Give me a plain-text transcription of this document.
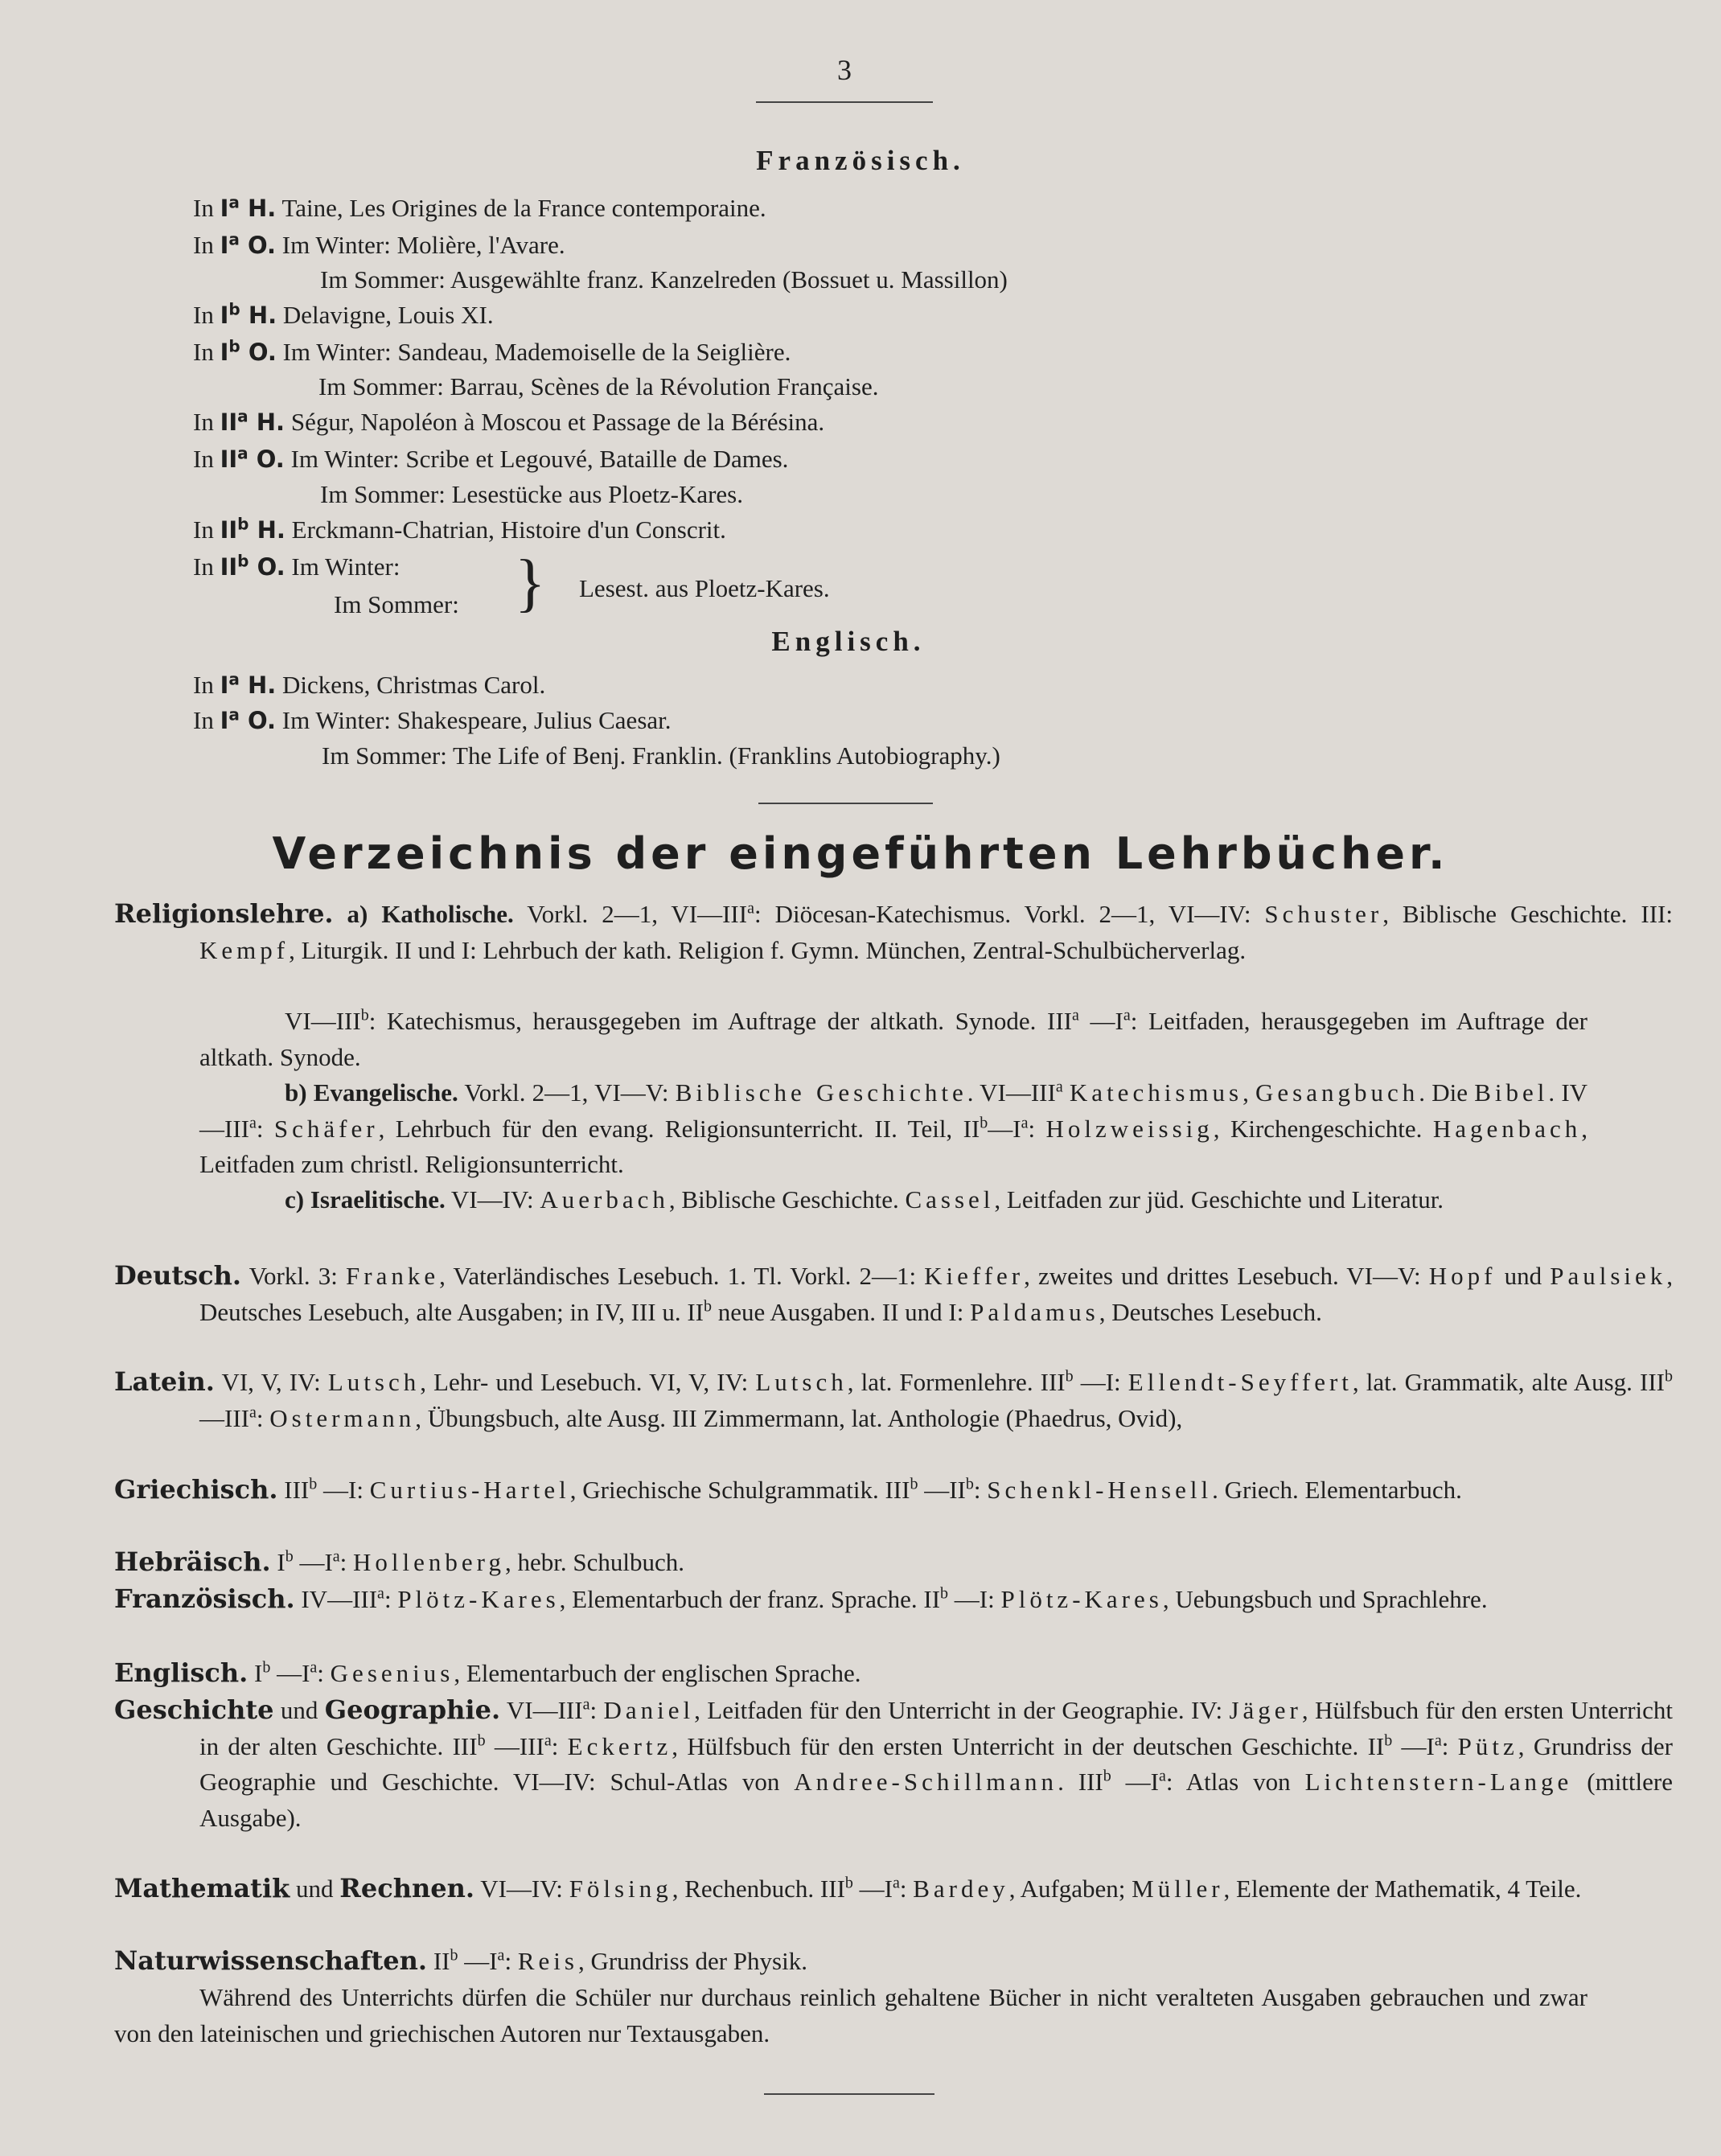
3
Französisch.
In $I^a$ H. Taine, Les Origines de la France contemporaine.
In $I^a$ O. Im Winter: Molière, l'Avare.
Im Sommer: Ausgewählte franz. Kanzelreden (Bossuet u. Massillon)
In $I^b$ H. Delavigne, Louis XI.
In $I^b$ O. Im Winter: Sandeau, Mademoiselle de la Seiglière.
Im Sommer: Barrau, Scènes de la Révolution Française.
In $II^a$ H. Ségur, Napoléon à Moscou et Passage de la Bérésina.
In $II^a$ O. Im Winter: Scribe et Legouvé, Bataille de Dames.
Im Sommer: Lesestücke aus Ploetz-Kares.
In $II^b$ H. Erckmann-Chatrian, Histoire d'un Conscrit.
In $II^b$ O. Im Winter:
Im Sommer: } Lesest. aus Ploetz-Kares.
Englisch.
In $I^a$ H. Dickens, Christmas Carol.
In $I^a$ O. Im Winter: Shakespeare, Julius Caesar.
Im Sommer: The Life of Benj. Franklin. (Franklins Autobiography.)
Verzeichnis der eingeführten Lehrbücher.
Religionslehre. a) Katholische. Vorkl. 2—1, VI—III$^a$: Diöcesan-Katechismus. Vorkl. 2—1, VI—IV: Schuster, Biblische Geschichte. III: Kempf, Liturgik. II und I: Lehrbuch der kath. Religion f. Gymn. München, Zentral-Schulbücherverlag.
VI—III$^b$: Katechismus, herausgegeben im Auftrage der altkath. Synode. III$^a$ $—I^a$: Leitfaden, herausgegeben im Auftrage der altkath. Synode.
b) Evangelische. Vorkl. 2—1, VI—V: Biblische Geschichte. VI—III$^a$ Katechismus, Gesangbuch. Die Bibel. IV—III$^a$: Schäfer, Lehrbuch für den evang. Religionsunterricht. II. Teil, $II^b—I^a$: Holzweissig, Kirchengeschichte. Hagenbach, Leitfaden zum christl. Religionsunterricht.
c) Israelitische. VI—IV: Auerbach, Biblische Geschichte. Cassel, Leitfaden zur jüd. Geschichte und Literatur.
Deutsch. Vorkl. 3: Franke, Vaterländisches Lesebuch. 1. Tl. Vorkl. 2—1: Kieffer, zweites und drittes Lesebuch. VI—V: Hopf und Paulsiek, Deutsches Lesebuch, alte Ausgaben; in IV, III u. $II^b$ neue Ausgaben. II und I: Paldamus, Deutsches Lesebuch.
Latein. VI, V, IV: Lutsch, Lehr- und Lesebuch. VI, V, IV: Lutsch, lat. Formenlehre. III$^b$ —I: Ellendt-Seyffert, lat. Grammatik, alte Ausg. III$^b$ —III$^a$: Ostermann, Übungsbuch, alte Ausg. III Zimmermann, lat. Anthologie (Phaedrus, Ovid),
Griechisch. III$^b$ —I: Curtius-Hartel, Griechische Schulgrammatik. III$^b$ $—II^b$: Schenkl-Hensell. Griech. Elementarbuch.
Hebräisch. $I^b$ $—I^a$: Hollenberg, hebr. Schulbuch.
Französisch. IV—III$^a$: Plötz-Kares, Elementarbuch der franz. Sprache. $II^b$ —I: Plötz-Kares, Uebungsbuch und Sprachlehre.
Englisch. $I^b$ $—I^a$: Gesenius, Elementarbuch der englischen Sprache.
Geschichte und Geographie. VI—III$^a$: Daniel, Leitfaden für den Unterricht in der Geographie. IV: Jäger, Hülfsbuch für den ersten Unterricht in der alten Geschichte. III$^b$ —III$^a$: Eckertz, Hülfsbuch für den ersten Unterricht in der deutschen Geschichte. $II^b$ $—I^a$: Pütz, Grundriss der Geographie und Geschichte. VI—IV: Schul-Atlas von Andree-Schillmann. III$^b$ $—I^a$: Atlas von Lichtenstern-Lange (mittlere Ausgabe).
Mathematik und Rechnen. VI—IV: Fölsing, Rechenbuch. III$^b$ $—I^a$: Bardey, Aufgaben; Müller, Elemente der Mathematik, 4 Teile.
Naturwissenschaften. $II^b$ $—I^a$: Reis, Grundriss der Physik.
Während des Unterrichts dürfen die Schüler nur durchaus reinlich gehaltene Bücher in nicht veralteten Ausgaben gebrauchen und zwar von den lateinischen und griechischen Autoren nur Textausgaben.
